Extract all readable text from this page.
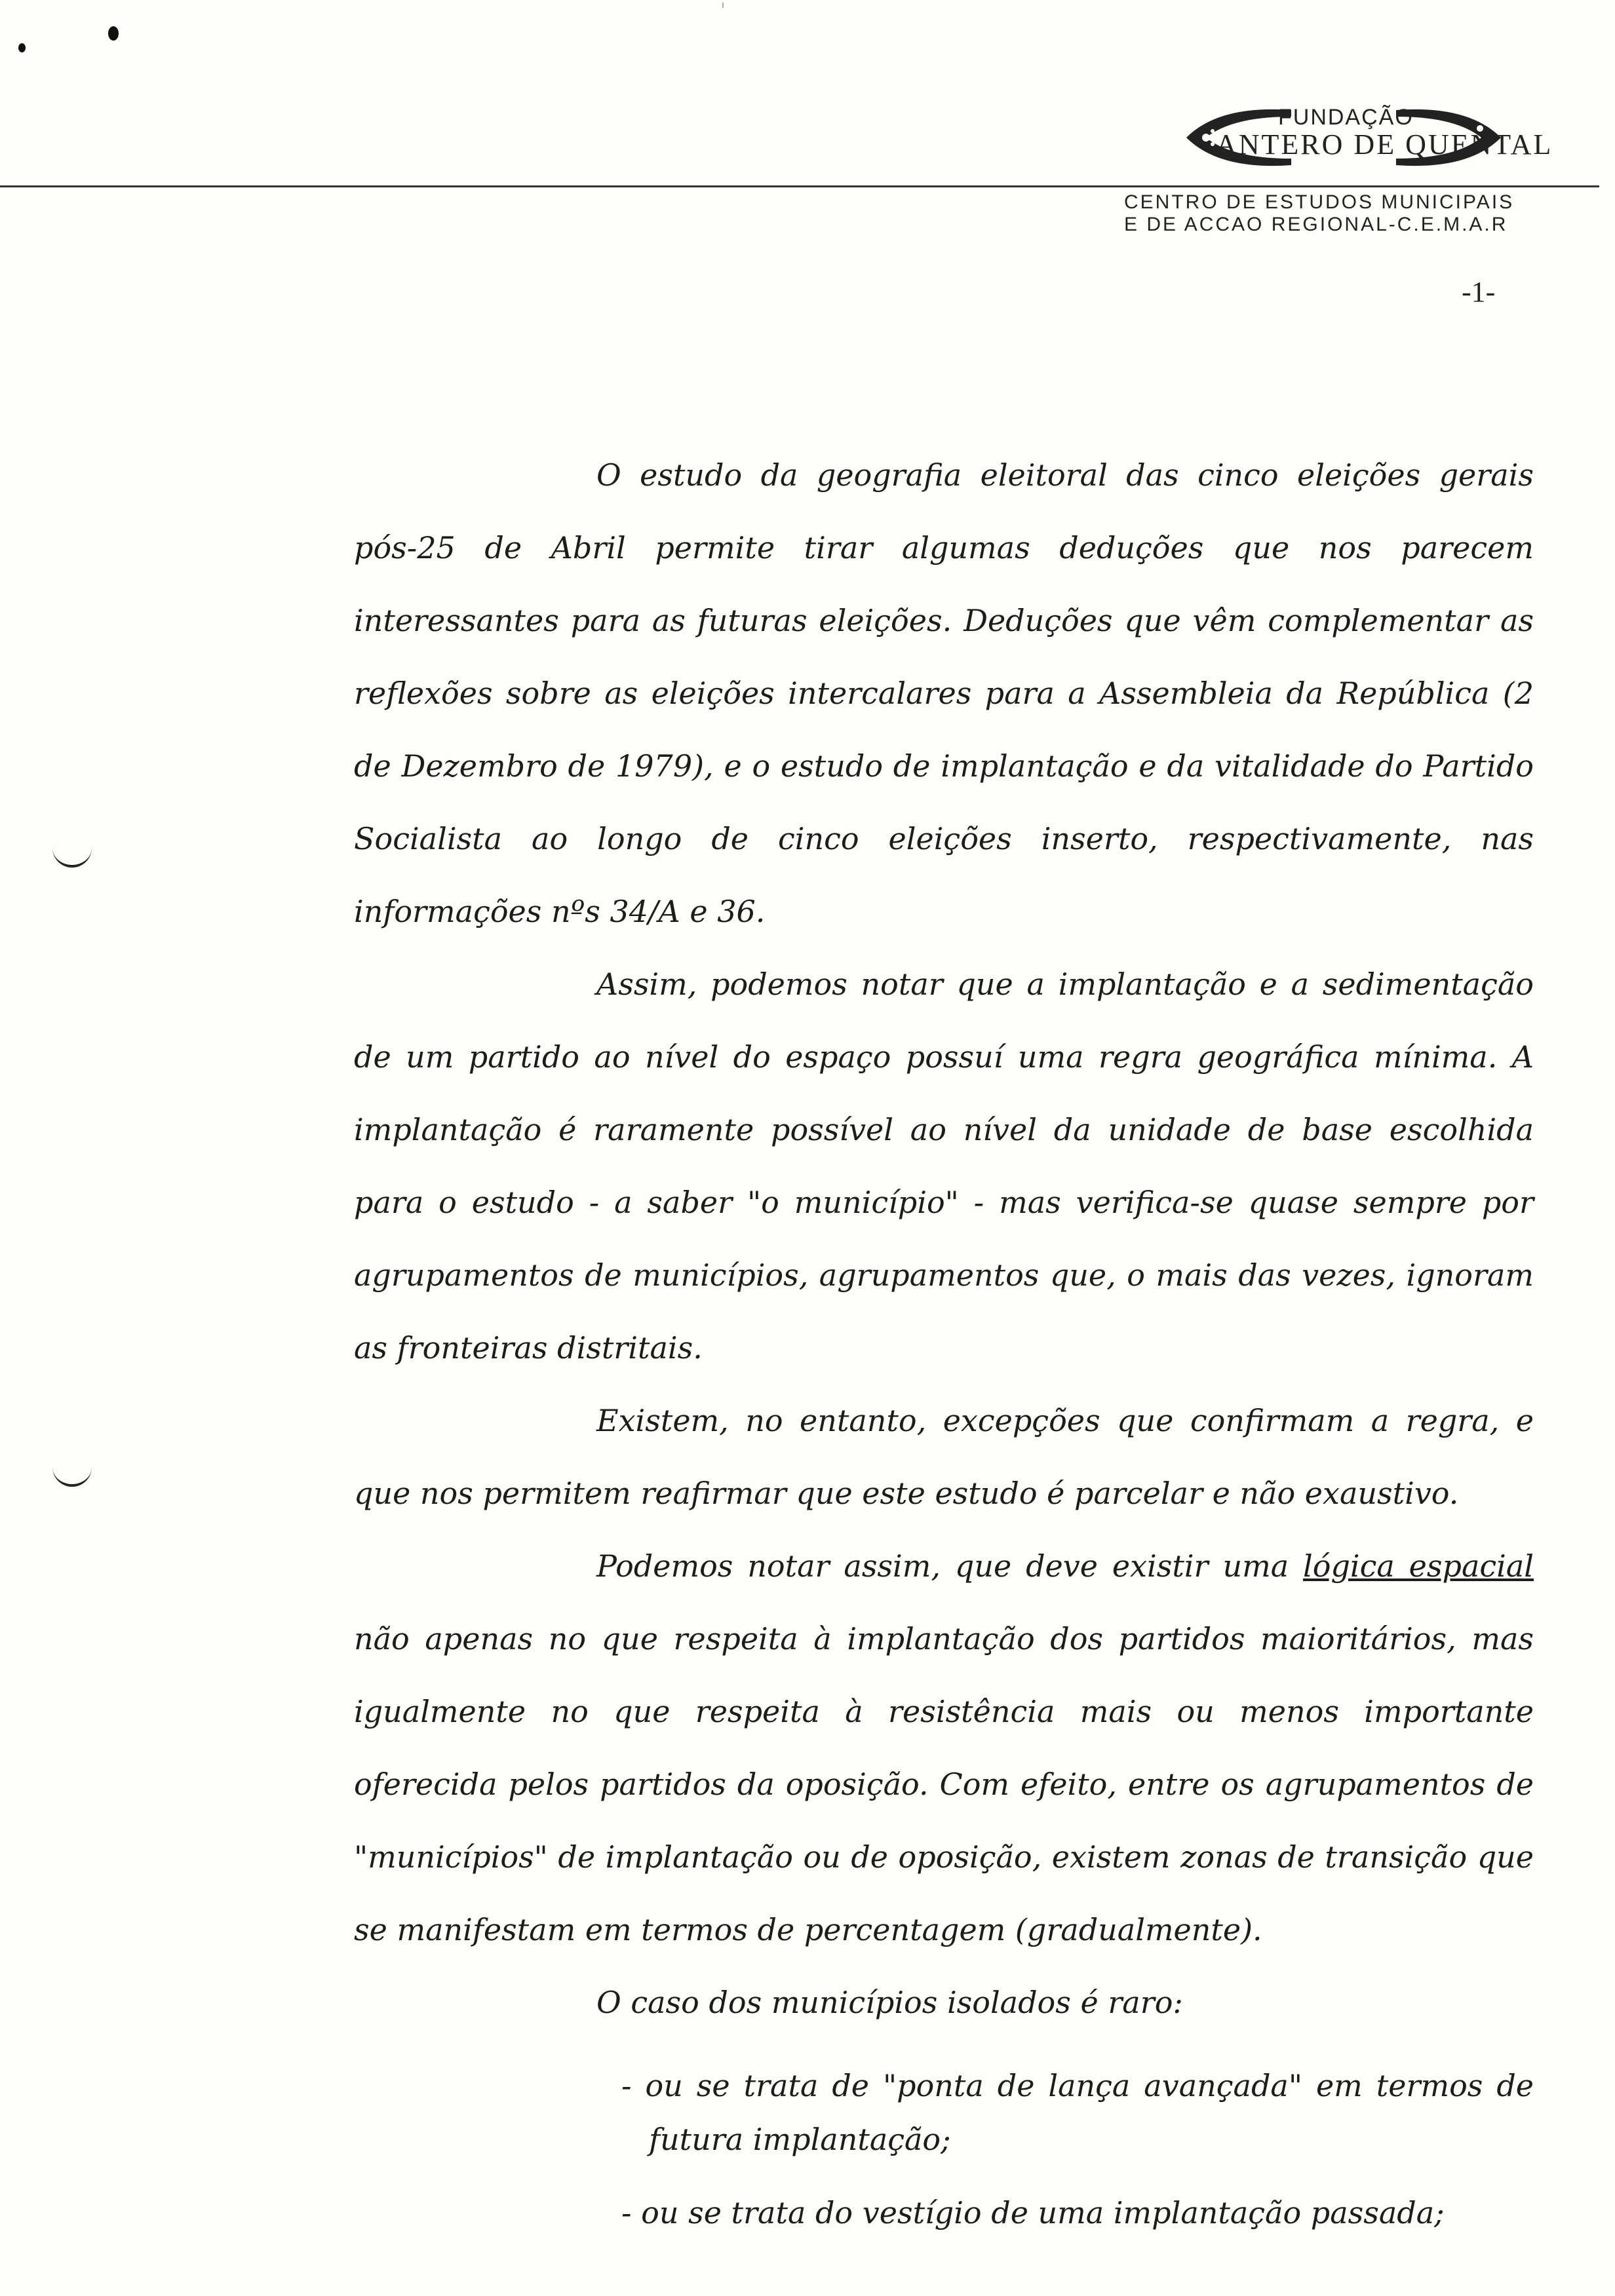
FUNDAÇÃO
ANTERO DE QUENTAL
CENTRO DE ESTUDOS MUNICIPAIS
E DE ACCAO REGIONAL-C.E.M.A.R
-1-

O estudo da geografia eleitoral das cinco eleições gerais pós-25 de Abril permite tirar algumas deduções que nos parecem interessantes para as futuras eleições. Deduções que vêm complementar as reflexões sobre as eleições intercalares para a Assembleia da República (2 de Dezembro de 1979), e o estudo de implantação e da vitalidade do Partido Socialista ao longo de cinco eleições inserto, respectivamente, nas informações nºs 34/A e 36.

Assim, podemos notar que a implantação e a sedimentação de um partido ao nível do espaço possuí uma regra geográfica mínima. A implantação é raramente possível ao nível da unidade de base escolhida para o estudo - a saber "o município" - mas verifica-se quase sempre por agrupamentos de municípios, agrupamentos que, o mais das vezes, ignoram as fronteiras distritais.

Existem, no entanto, excepções que confirmam a regra, e que nos permitem reafirmar que este estudo é parcelar e não exaustivo.

Podemos notar assim, que deve existir uma lógica espacial não apenas no que respeita à implantação dos partidos maioritários, mas igualmente no que respeita à resistência mais ou menos importante oferecida pelos partidos da oposição. Com efeito, entre os agrupamentos de "municípios" de implantação ou de oposição, existem zonas de transição que se manifestam em termos de percentagem (gradualmente).

O caso dos municípios isolados é raro:

- ou se trata de "ponta de lança avançada" em termos de futura implantação;

- ou se trata do vestígio de uma implantação passada;
